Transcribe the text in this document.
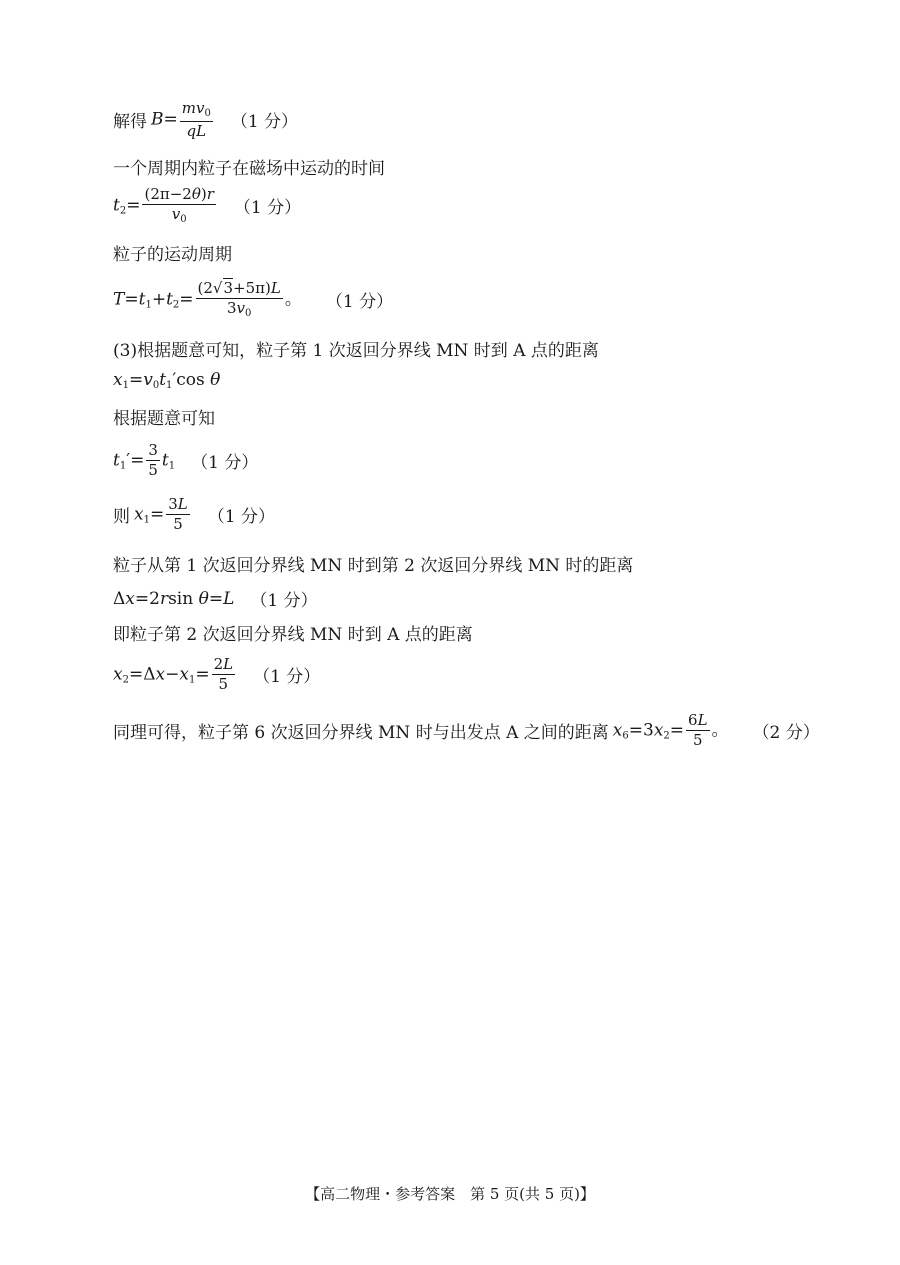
解得 $B= \frac{mv_0}{qL} (1$ 分）
一个周期内粒子在磁场中运动的时间
$t_2= \frac{(2\pi-2\theta)r}{v_0} (1$ 分）
粒子的运动周期
$T=t_1+t_2= \frac{(2√3+5\pi)L}{3v_0}$ 。 （1 分）
(3)根据题意可知，粒子第 1 次返回分界线 MN 时到 A 点的距离
$x_1=v_0t_1'\cos$ θ
根据题意可知
$t_1'= \frac{3}{5} t_1$ （1 分）
则 $x_1= \frac{3L}{5} (1$ 分）
粒子从第 1 次返回分界线 MN 时到第 2 次返回分界线 MN 时的距离
Δx=2rsin θ=L （1 分）
即粒子第 2 次返回分界线 MN 时到 A 点的距离
$x_2=\Delta x-x_1= \frac{2L}{5} (1$ 分）
同理可得，粒子第 6 次返回分界线 MN 时与出发点 A 之间的距离 $x_6=3x_2= \frac{6L}{5}$ 。 （2 分）
【高二物理・参考答案　第 5 页(共 5 页)】
